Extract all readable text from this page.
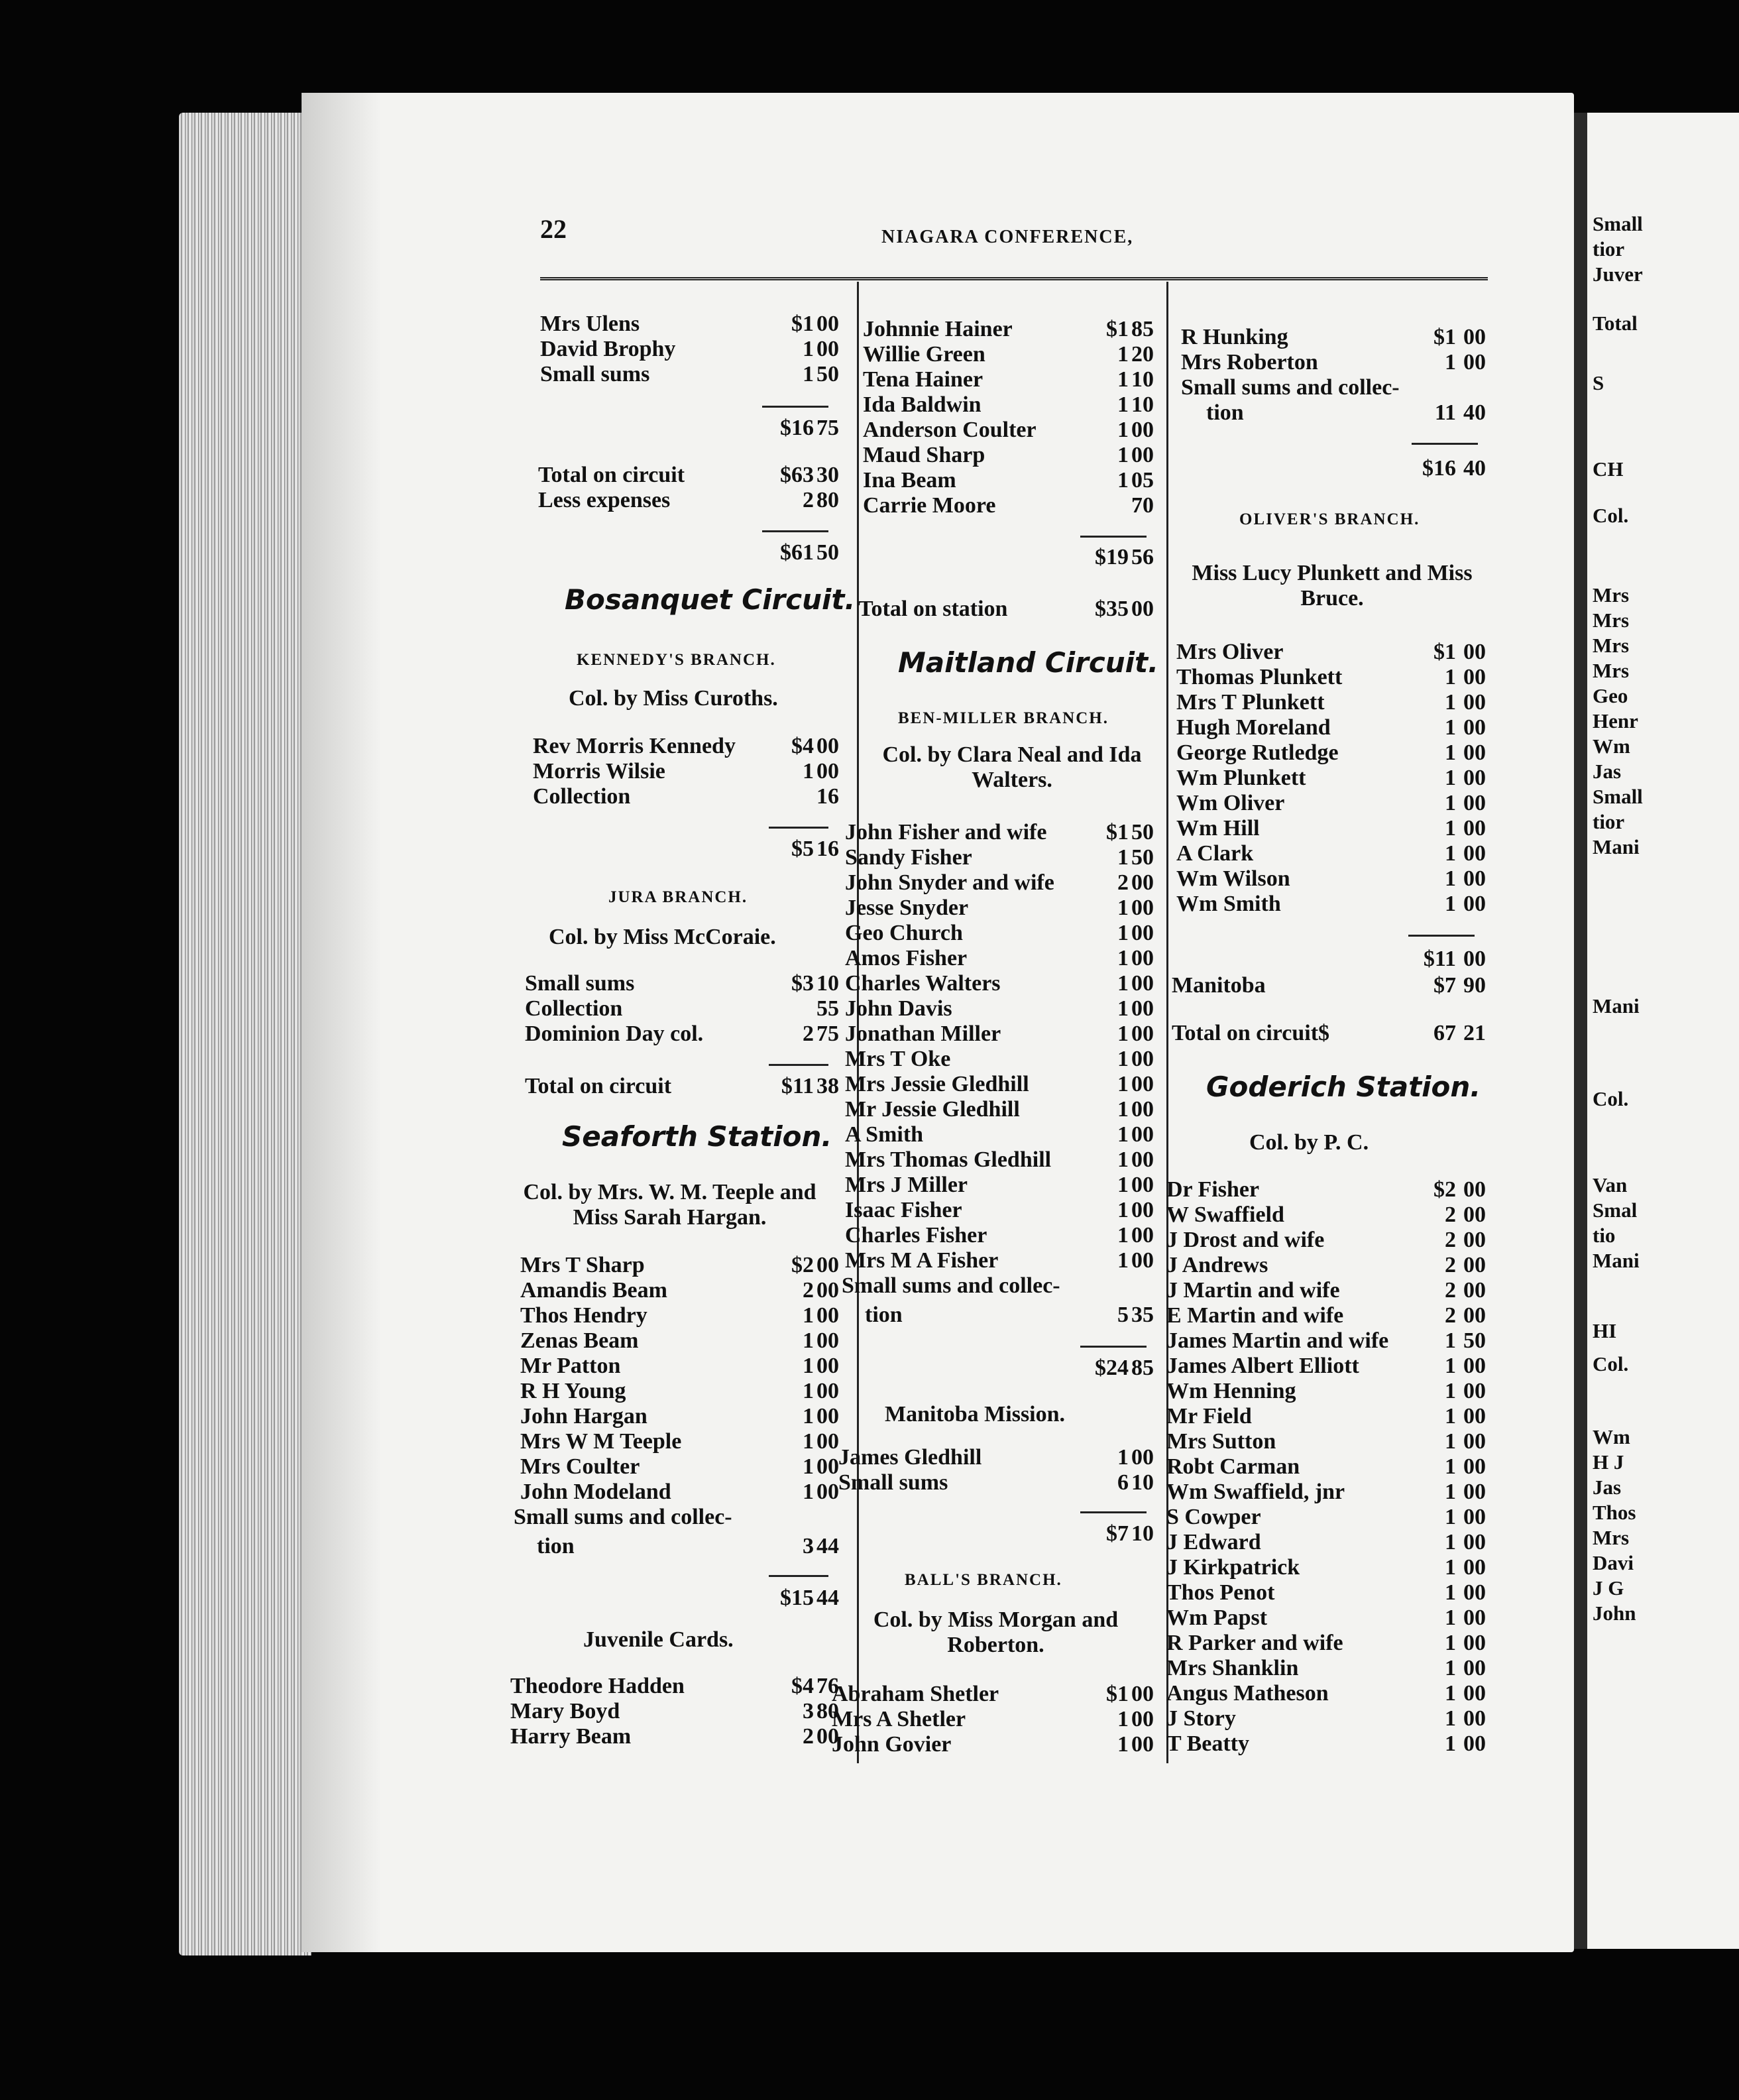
Small
tior
Juver
Total
S
CH
Col.
Mrs
Mrs
Mrs
Mrs
Geo
Henr
Wm
Jas
Small
tior
Mani
Mani
Col.
Van
Smal
tio
Mani
HI
Col.
Wm
H J
Jas
Thos
Mrs
Davi
J G
John
22	NIAGARA CONFERENCE,
Mrs Ulens	$1 00
David Brophy	1 00
Small sums	1 50
$16 75
Total on circuit	$63 30
Less expenses	2 80
$61 50
Bosanquet Circuit.
KENNEDY'S BRANCH.
Col. by Miss Curoths.
Rev Morris Kennedy $4 00
Morris Wilsie	1 00
Collection	16
$5 16
JURA BRANCH.
Col. by Miss McCoraie.
Small sums	$3 10
Collection	55
Dominion Day col.	2 75
Total on circuit	$11 38
Seaforth Station.
Col. by Mrs. W. M. Teeple and Miss Sarah Hargan.
Mrs T Sharp	$2 00
Amandis Beam	2 00
Thos Hendry	1 00
Zenas Beam	1 00
Mr Patton	1 00
R H Young	1 00
John Hargan	1 00
Mrs W M Teeple	1 00
Mrs Coulter	1 00
John Modeland	1 00
Small sums and collec-
tion	3 44
$15 44
Juvenile Cards.
Theodore Hadden	$4 76
Mary Boyd	3 80
Harry Beam	2 00
Johnnie Hainer	$1 85
Willie Green	1 20
Tena Hainer	1 10
Ida Baldwin	1 10
Anderson Coulter	1 00
Maud Sharp	1 00
Ina Beam	1 05
Carrie Moore	70
$19 56
Total on station	$35 00
Maitland Circuit.
BEN-MILLER BRANCH.
Col. by Clara Neal and Ida Walters.
John Fisher and wife	$1 50
Sandy Fisher	1 50
John Snyder and wife	2 00
Jesse Snyder	1 00
Geo Church	1 00
Amos Fisher	1 00
Charles Walters	1 00
John Davis	1 00
Jonathan Miller	1 00
Mrs T Oke	1 00
Mrs Jessie Gledhill	1 00
Mr Jessie Gledhill	1 00
A Smith	1 00
Mrs Thomas Gledhill	1 00
Mrs J Miller	1 00
Isaac Fisher	1 00
Charles Fisher	1 00
Mrs M A Fisher	1 00
Small sums and collec-
tion	5 35
$24 85
Manitoba Mission.
James Gledhill	1 00
Small sums	6 10
$7 10
BALL'S BRANCH.
Col. by Miss Morgan and Roberton.
Abraham Shetler	$1 00
Mrs A Shetler	1 00
John Govier	1 00
R Hunking	$1 00
Mrs Roberton	1 00
Small sums and collec-
tion	11 40
$16 40
OLIVER'S BRANCH.
Miss Lucy Plunkett and Miss Bruce.
Mrs Oliver	$1 00
Thomas Plunkett	1 00
Mrs T Plunkett	1 00
Hugh Moreland	1 00
George Rutledge	1 00
Wm Plunkett	1 00
Wm Oliver	1 00
Wm Hill	1 00
A Clark	1 00
Wm Wilson	1 00
Wm Smith	1 00
$11 00
Manitoba	$7 90
Total on circuit$	67 21
Goderich Station.
Col. by P. C.
Dr Fisher	$2 00
W Swaffield	2 00
J Drost and wife	2 00
J Andrews	2 00
J Martin and wife	2 00
E Martin and wife	2 00
James Martin and wife 1 50
James Albert Elliott	1 00
Wm Henning	1 00
Mr Field	1 00
Mrs Sutton	1 00
Robt Carman	1 00
Wm Swaffield, jnr	1 00
S Cowper	1 00
J Edward	1 00
J Kirkpatrick	1 00
Thos Penot	1 00
Wm Papst	1 00
R Parker and wife	1 00
Mrs Shanklin	1 00
Angus Matheson	1 00
J Story	1 00
T Beatty	1 00
